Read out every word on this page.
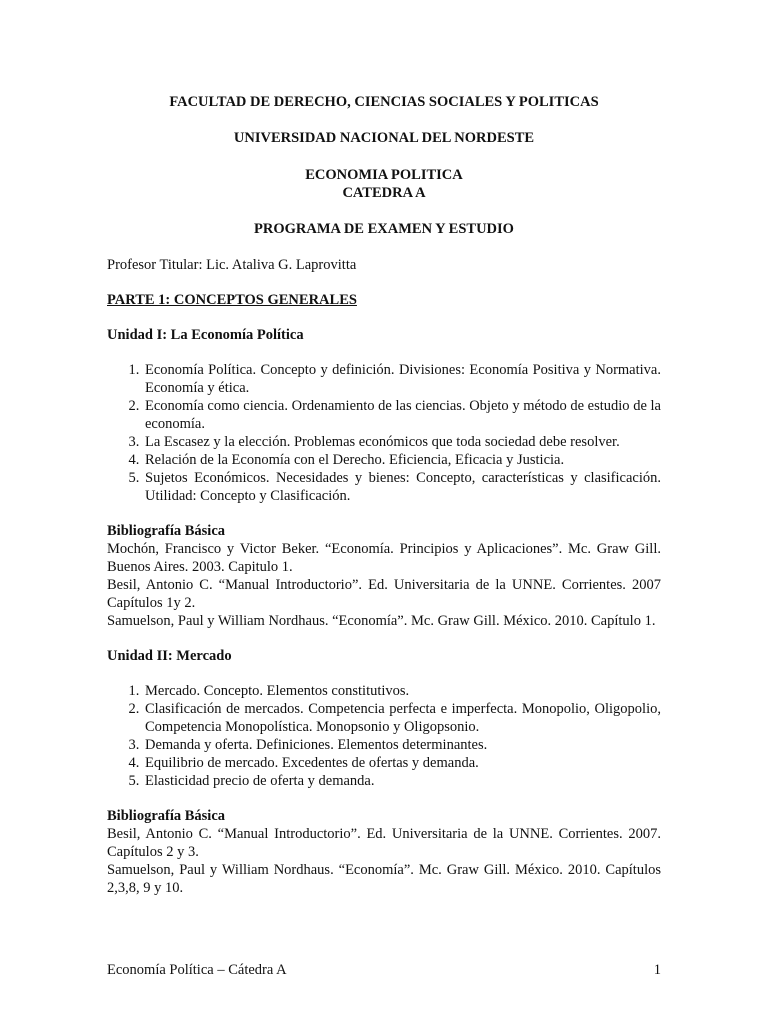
FACULTAD DE DERECHO, CIENCIAS SOCIALES Y POLITICAS
UNIVERSIDAD NACIONAL DEL NORDESTE
ECONOMIA POLITICA
CATEDRA A
PROGRAMA DE EXAMEN Y ESTUDIO
Profesor Titular: Lic. Ataliva G. Laprovitta
PARTE 1: CONCEPTOS GENERALES
Unidad I: La Economía Política
1. Economía Política. Concepto y definición. Divisiones: Economía Positiva y Normativa. Economía y ética.
2. Economía como ciencia. Ordenamiento de las ciencias. Objeto y método de estudio de la economía.
3. La Escasez y la elección. Problemas económicos que toda sociedad debe resolver.
4. Relación de la Economía con el Derecho. Eficiencia, Eficacia y Justicia.
5. Sujetos Económicos. Necesidades y bienes: Concepto, características y clasificación. Utilidad: Concepto y Clasificación.
Bibliografía Básica

Mochón, Francisco y Victor Beker. “Economía. Principios y Aplicaciones”. Mc. Graw Gill. Buenos Aires. 2003. Capitulo 1.

Besil, Antonio C. “Manual Introductorio”. Ed. Universitaria de la UNNE. Corrientes. 2007 Capítulos 1y 2.

Samuelson, Paul y William Nordhaus. “Economía”. Mc. Graw Gill. México. 2010. Capítulo 1.

Unidad II: Mercado
1. Mercado. Concepto. Elementos constitutivos.
2. Clasificación de mercados. Competencia perfecta e imperfecta. Monopolio, Oligopolio, Competencia Monopolística. Monopsonio y Oligopsonio.
3. Demanda y oferta. Definiciones. Elementos determinantes.
4. Equilibrio de mercado. Excedentes de ofertas y demanda.
5. Elasticidad precio de oferta y demanda.
Bibliografía Básica

Besil, Antonio C. “Manual Introductorio”. Ed. Universitaria de la UNNE. Corrientes. 2007. Capítulos 2 y 3.

Samuelson, Paul y William Nordhaus. “Economía”. Mc. Graw Gill. México. 2010. Capítulos 2,3,8, 9 y 10.

Economía Política – Cátedra A	1
